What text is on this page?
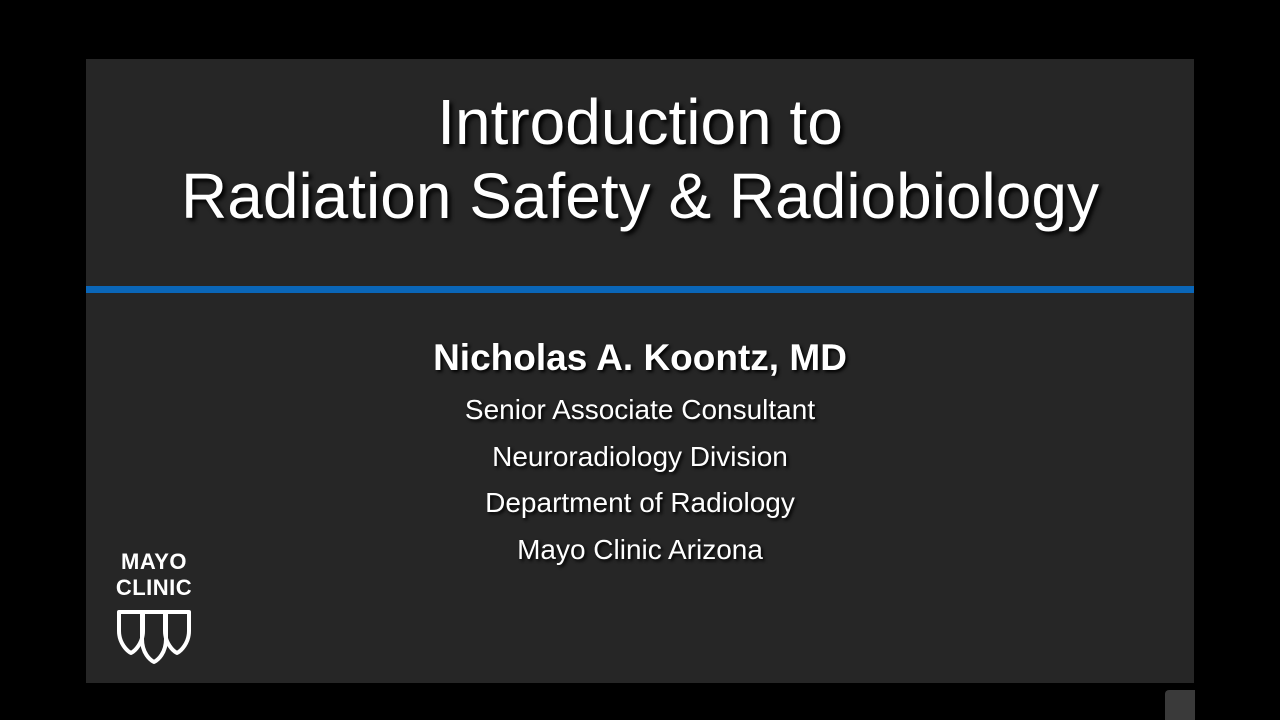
Introduction to
Radiation Safety & Radiobiology
Nicholas A. Koontz, MD
Senior Associate Consultant
Neuroradiology Division
Department of Radiology
Mayo Clinic Arizona
MAYO
CLINIC
